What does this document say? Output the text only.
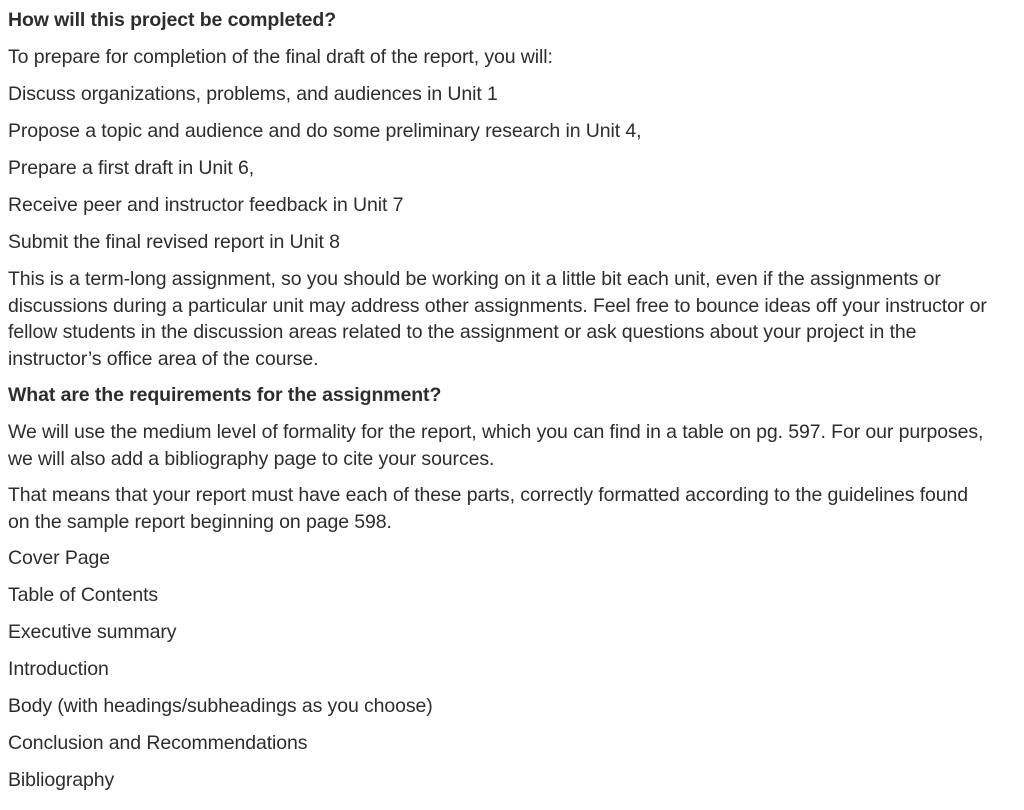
How will this project be completed?

To prepare for completion of the final draft of the report, you will:

Discuss organizations, problems, and audiences in Unit 1

Propose a topic and audience and do some preliminary research in Unit 4,

Prepare a first draft in Unit 6,

Receive peer and instructor feedback in Unit 7

Submit the final revised report in Unit 8

This is a term-long assignment, so you should be working on it a little bit each unit, even if the assignments or discussions during a particular unit may address other assignments. Feel free to bounce ideas off your instructor or fellow students in the discussion areas related to the assignment or ask questions about your project in the instructor’s office area of the course.

What are the requirements for the assignment?

We will use the medium level of formality for the report, which you can find in a table on pg. 597. For our purposes, we will also add a bibliography page to cite your sources.

That means that your report must have each of these parts, correctly formatted according to the guidelines found on the sample report beginning on page 598.

Cover Page

Table of Contents

Executive summary

Introduction

Body (with headings/subheadings as you choose)

Conclusion and Recommendations

Bibliography
